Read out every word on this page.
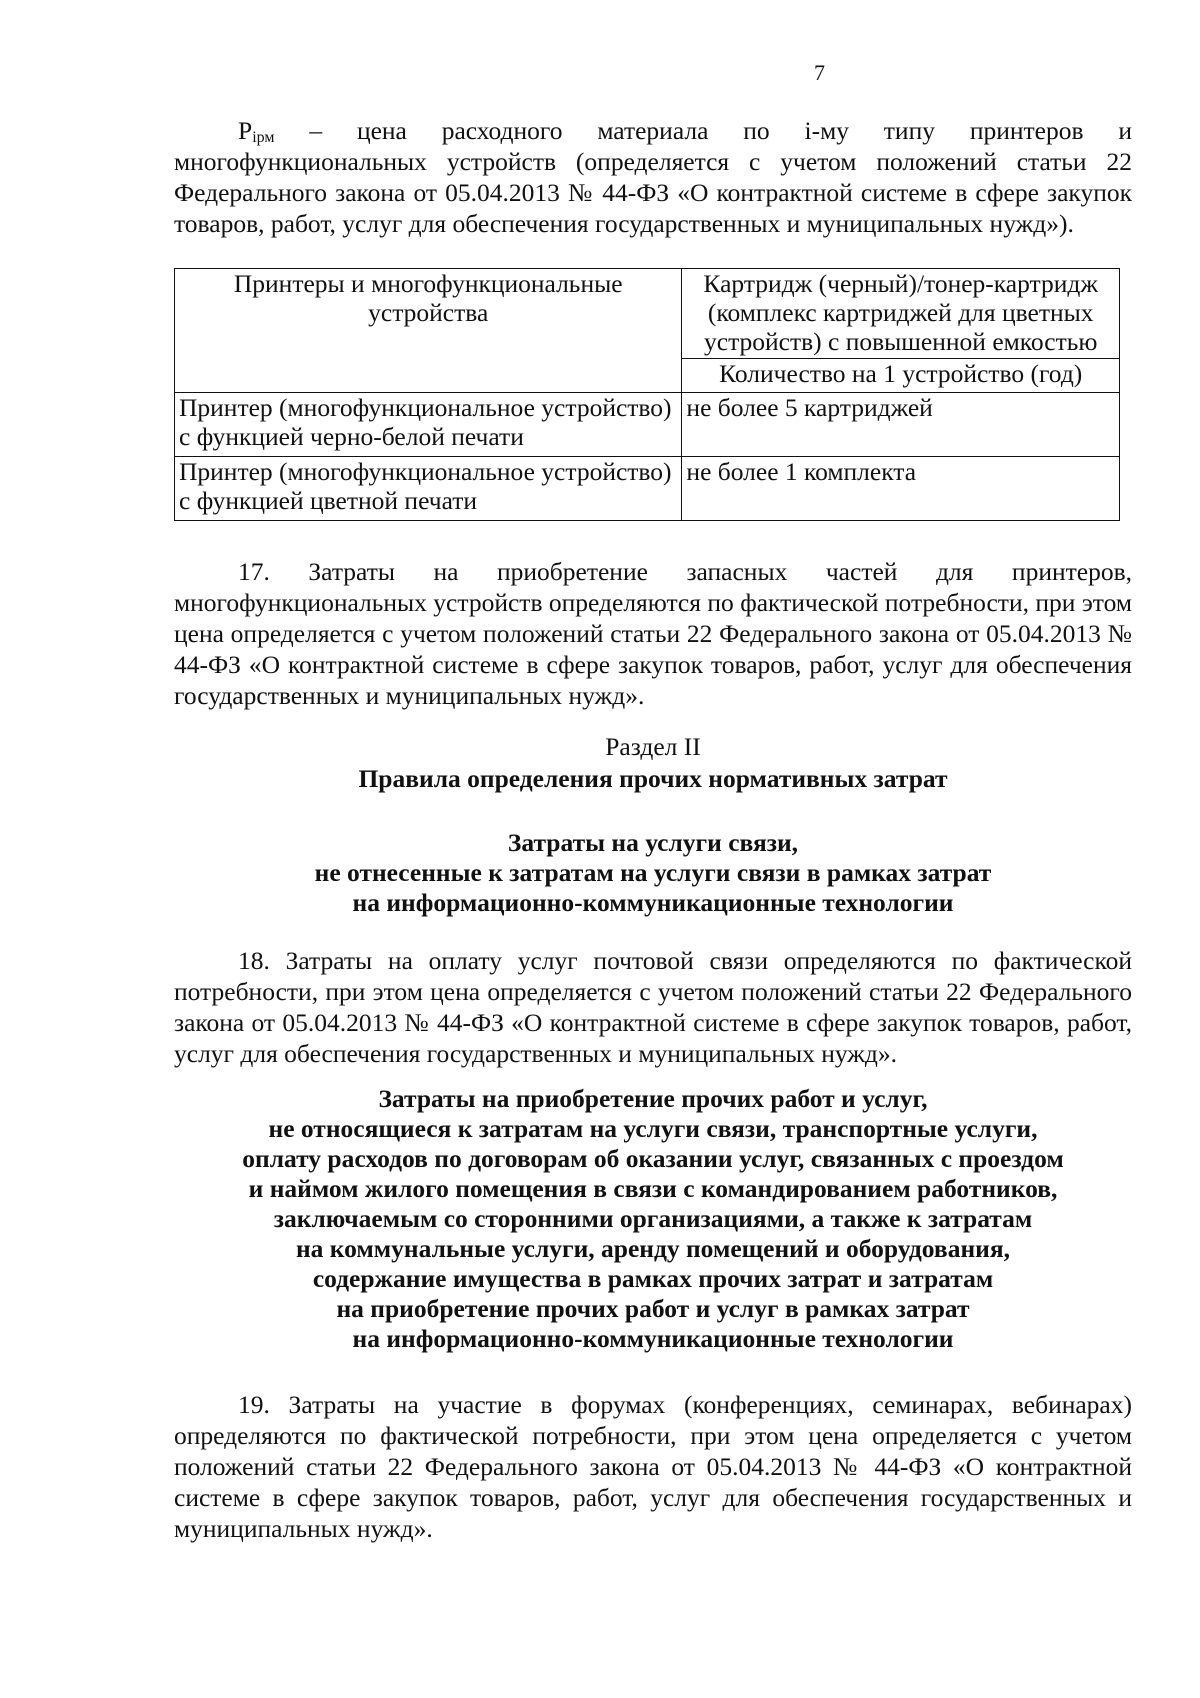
7

$P_{iрм}$ – цена расходного материала по i-му типу принтеров и многофункциональных устройств (определяется с учетом положений статьи 22 Федерального закона от 05.04.2013 № 44-ФЗ «О контрактной системе в сфере закупок товаров, работ, услуг для обеспечения государственных и муниципальных нужд»).

Принтеры и многофункциональные устройства	Картридж (черный)/тонер-картридж (комплекс картриджей для цветных устройств) с повышенной емкостью
	Количество на 1 устройство (год)
Принтер (многофункциональное устройство) с функцией черно-белой печати	не более 5 картриджей
Принтер (многофункциональное устройство) с функцией цветной печати	не более 1 комплекта

17. Затраты на приобретение запасных частей для принтеров, многофункциональных устройств определяются по фактической потребности, при этом цена определяется с учетом положений статьи 22 Федерального закона от 05.04.2013 № 44-ФЗ «О контрактной системе в сфере закупок товаров, работ, услуг для обеспечения государственных и муниципальных нужд».

Раздел II
Правила определения прочих нормативных затрат
Затраты на услуги связи,
не отнесенные к затратам на услуги связи в рамках затрат
на информационно-коммуникационные технологии

18. Затраты на оплату услуг почтовой связи определяются по фактической потребности, при этом цена определяется с учетом положений статьи 22 Федерального закона от 05.04.2013 № 44-ФЗ «О контрактной системе в сфере закупок товаров, работ, услуг для обеспечения государственных и муниципальных нужд».

Затраты на приобретение прочих работ и услуг,
не относящиеся к затратам на услуги связи, транспортные услуги,
оплату расходов по договорам об оказании услуг, связанных с проездом
и наймом жилого помещения в связи с командированием работников,
заключаемым со сторонними организациями, а также к затратам
на коммунальные услуги, аренду помещений и оборудования,
содержание имущества в рамках прочих затрат и затратам
на приобретение прочих работ и услуг в рамках затрат
на информационно-коммуникационные технологии

19. Затраты на участие в форумах (конференциях, семинарах, вебинарах) определяются по фактической потребности, при этом цена определяется с учетом положений статьи 22 Федерального закона от 05.04.2013 № 44-ФЗ «О контрактной системе в сфере закупок товаров, работ, услуг для обеспечения государственных и муниципальных нужд».
